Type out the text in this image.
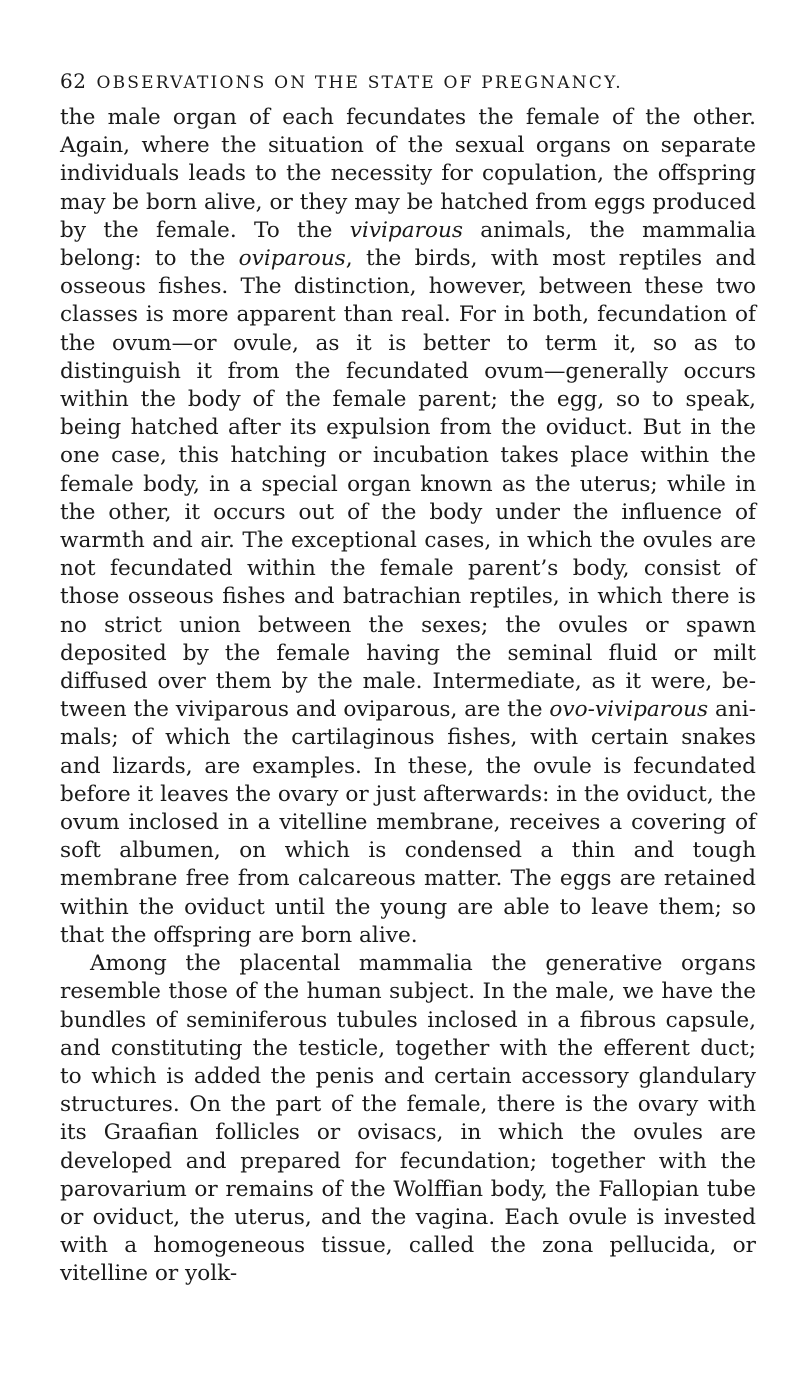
62 OBSERVATIONS ON THE STATE OF PREGNANCY.

the male organ of each fecundates the female of the other. Again, where the situation of the sexual organs on separate individuals leads to the necessity for copulation, the offspring may be born alive, or they may be hatched from eggs produced by the female. To the viviparous animals, the mammalia belong: to the oviparous, the birds, with most reptiles and osseous fishes. The distinction, however, between these two classes is more apparent than real. For in both, fecundation of the ovum—or ovule, as it is better to term it, so as to distinguish it from the fecundated ovum—generally occurs within the body of the female parent; the egg, so to speak, being hatched after its expulsion from the oviduct. But in the one case, this hatching or incubation takes place within the female body, in a special organ known as the uterus; while in the other, it occurs out of the body under the influence of warmth and air. The exceptional cases, in which the ovules are not fecundated within the female parent’s body, consist of those osseous fishes and batrachian reptiles, in which there is no strict union between the sexes; the ovules or spawn deposited by the female having the seminal fluid or milt diffused over them by the male. Intermediate, as it were, between the viviparous and oviparous, are the ovo-viviparous animals; of which the cartilaginous fishes, with certain snakes and lizards, are examples. In these, the ovule is fecundated before it leaves the ovary or just afterwards: in the oviduct, the ovum inclosed in a vitelline membrane, receives a covering of soft albumen, on which is condensed a thin and tough membrane free from calcareous matter. The eggs are retained within the oviduct until the young are able to leave them; so that the offspring are born alive.

Among the placental mammalia the generative organs resemble those of the human subject. In the male, we have the bundles of seminiferous tubules inclosed in a fibrous capsule, and constituting the testicle, together with the efferent duct; to which is added the penis and certain accessory glandulary structures. On the part of the female, there is the ovary with its Graafian follicles or ovisacs, in which the ovules are developed and prepared for fecundation; together with the parovarium or remains of the Wolffian body, the Fallopian tube or oviduct, the uterus, and the vagina. Each ovule is invested with a homogeneous tissue, called the zona pellucida, or vitelline or yolk-
